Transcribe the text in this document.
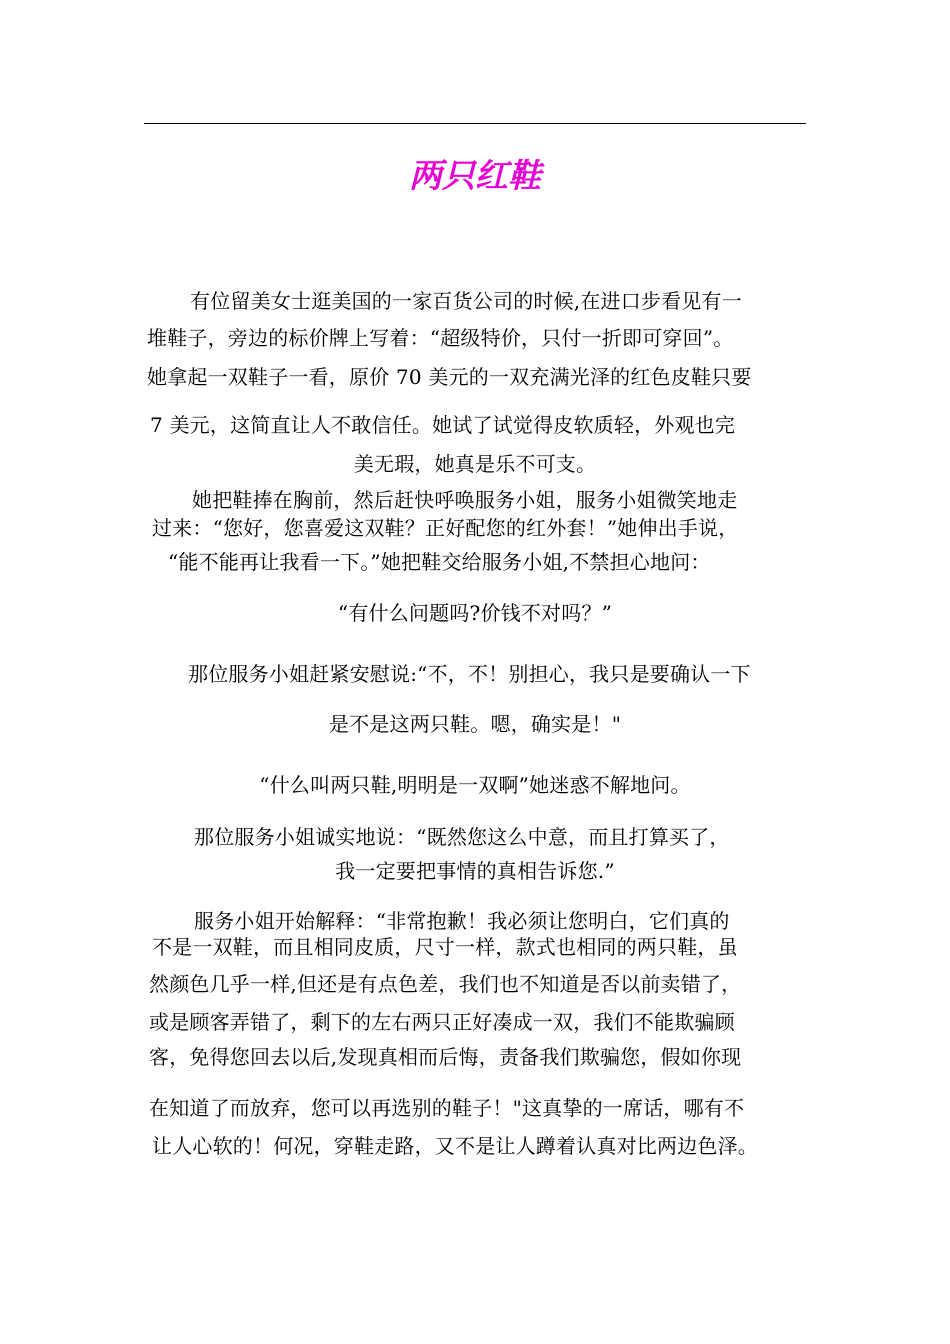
两只红鞋
有位留美女士逛美国的一家百货公司的时候,在进口步看见有一
堆鞋子，旁边的标价牌上写着：“超级特价，只付一折即可穿回”。
她拿起一双鞋子一看，原价 70 美元的一双充满光泽的红色皮鞋只要
7 美元，这简直让人不敢信任。她试了试觉得皮软质轻，外观也完
美无瑕，她真是乐不可支。
她把鞋捧在胸前，然后赶快呼唤服务小姐，服务小姐微笑地走
过来：“您好，您喜爱这双鞋？正好配您的红外套！”她伸出手说，
“能不能再让我看一下。”她把鞋交给服务小姐,不禁担心地问：
“有什么问题吗?价钱不对吗？”
那位服务小姐赶紧安慰说:“不，不！别担心，我只是要确认一下
是不是这两只鞋。嗯，确实是！"
“什么叫两只鞋,明明是一双啊”她迷惑不解地问。
那位服务小姐诚实地说：“既然您这么中意，而且打算买了，
我一定要把事情的真相告诉您.”
服务小姐开始解释：“非常抱歉！我必须让您明白，它们真的
不是一双鞋，而且相同皮质，尺寸一样，款式也相同的两只鞋，虽
然颜色几乎一样,但还是有点色差，我们也不知道是否以前卖错了，
或是顾客弄错了，剩下的左右两只正好凑成一双，我们不能欺骗顾
客，免得您回去以后,发现真相而后悔，责备我们欺骗您，假如你现
在知道了而放弃，您可以再选别的鞋子！"这真挚的一席话，哪有不
让人心软的！何况，穿鞋走路，又不是让人蹲着认真对比两边色泽。
